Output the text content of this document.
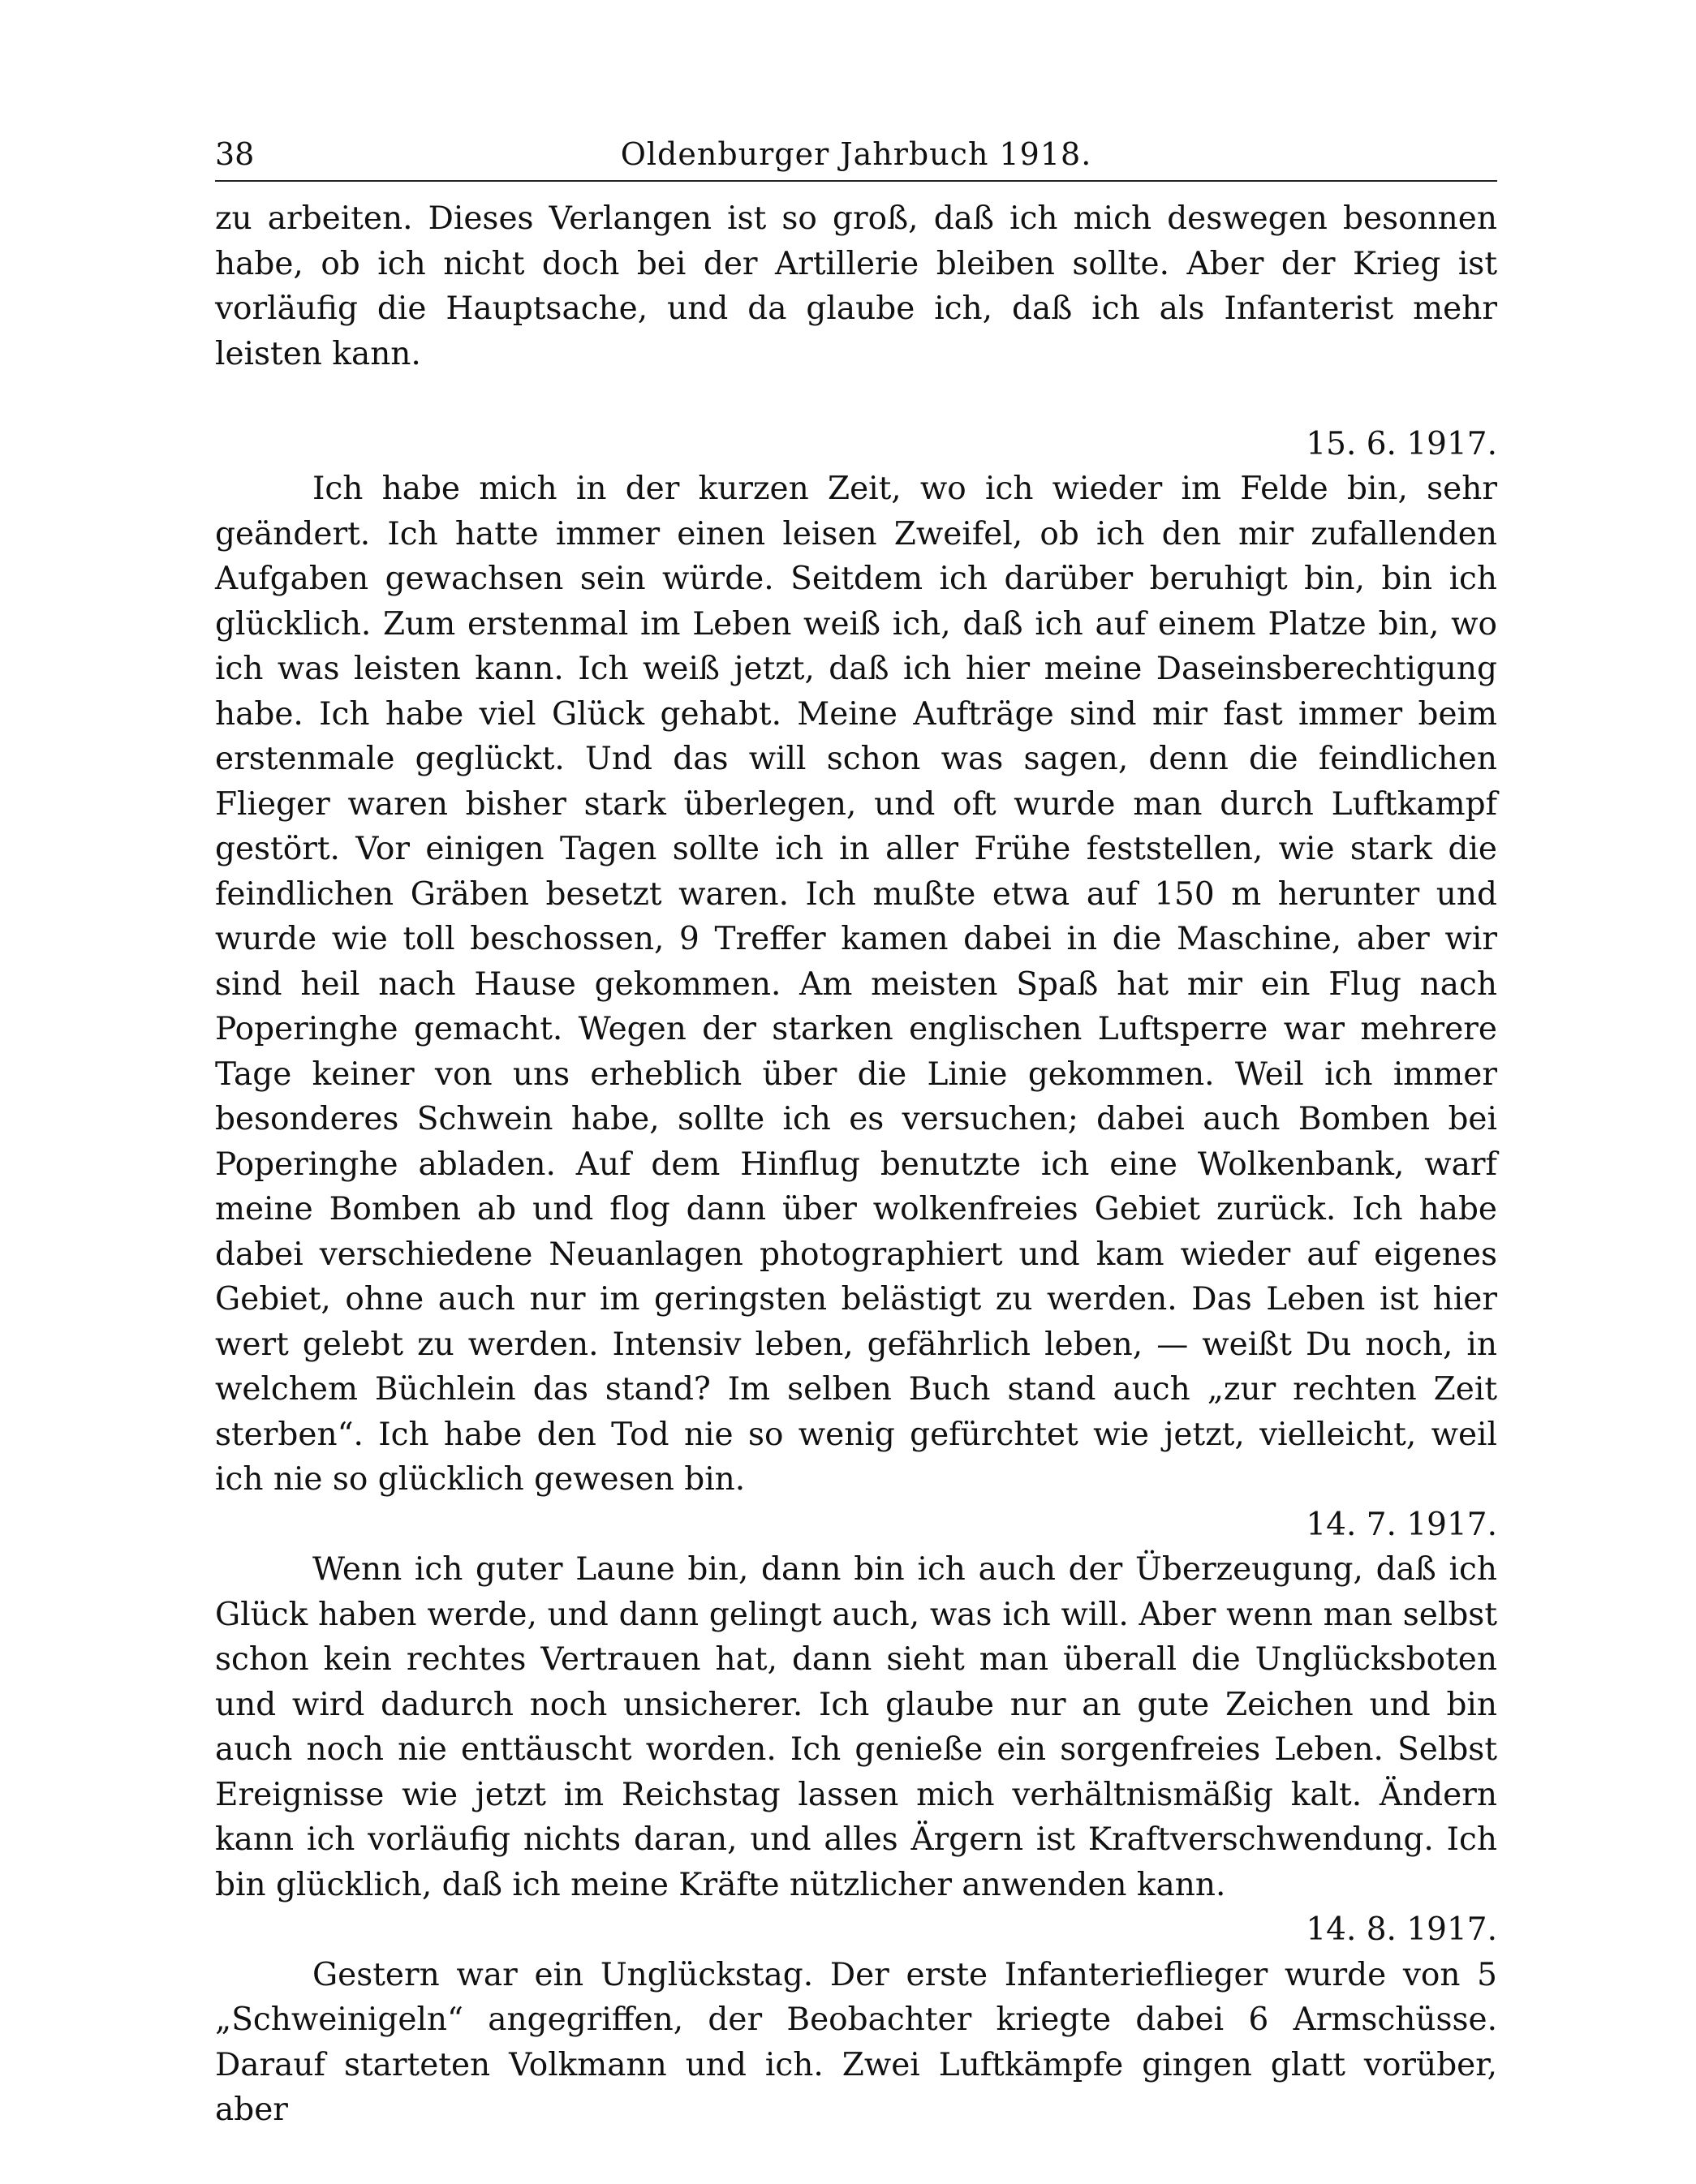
38	Oldenburger Jahrbuch 1918.

zu arbeiten. Dieses Verlangen ist so groß, daß ich mich deswegen besonnen habe, ob ich nicht doch bei der Artillerie bleiben sollte. Aber der Krieg ist vorläufig die Hauptsache, und da glaube ich, daß ich als Infanterist mehr leisten kann.

15. 6. 1917.

Ich habe mich in der kurzen Zeit, wo ich wieder im Felde bin, sehr geändert. Ich hatte immer einen leisen Zweifel, ob ich den mir zufallenden Aufgaben gewachsen sein würde. Seitdem ich darüber beruhigt bin, bin ich glücklich. Zum erstenmal im Leben weiß ich, daß ich auf einem Platze bin, wo ich was leisten kann. Ich weiß jetzt, daß ich hier meine Daseinsberechtigung habe. Ich habe viel Glück gehabt. Meine Aufträge sind mir fast immer beim erstenmale geglückt. Und das will schon was sagen, denn die feindlichen Flieger waren bisher stark überlegen, und oft wurde man durch Luftkampf gestört. Vor einigen Tagen sollte ich in aller Frühe feststellen, wie stark die feindlichen Gräben besetzt waren. Ich mußte etwa auf 150 m herunter und wurde wie toll beschossen, 9 Treffer kamen dabei in die Maschine, aber wir sind heil nach Hause gekommen. Am meisten Spaß hat mir ein Flug nach Poperinghe gemacht. Wegen der starken englischen Luftsperre war mehrere Tage keiner von uns erheblich über die Linie gekommen. Weil ich immer besonderes Schwein habe, sollte ich es versuchen; dabei auch Bomben bei Poperinghe abladen. Auf dem Hinflug benutzte ich eine Wolkenbank, warf meine Bomben ab und flog dann über wolkenfreies Gebiet zurück. Ich habe dabei verschiedene Neuanlagen photographiert und kam wieder auf eigenes Gebiet, ohne auch nur im geringsten belästigt zu werden. Das Leben ist hier wert gelebt zu werden. Intensiv leben, gefährlich leben, — weißt Du noch, in welchem Büchlein das stand? Im selben Buch stand auch „zur rechten Zeit sterben“. Ich habe den Tod nie so wenig gefürchtet wie jetzt, vielleicht, weil ich nie so glücklich gewesen bin.

14. 7. 1917.

Wenn ich guter Laune bin, dann bin ich auch der Überzeugung, daß ich Glück haben werde, und dann gelingt auch, was ich will. Aber wenn man selbst schon kein rechtes Vertrauen hat, dann sieht man überall die Unglücksboten und wird dadurch noch unsicherer. Ich glaube nur an gute Zeichen und bin auch noch nie enttäuscht worden. Ich genieße ein sorgenfreies Leben. Selbst Ereignisse wie jetzt im Reichstag lassen mich verhältnismäßig kalt. Ändern kann ich vorläufig nichts daran, und alles Ärgern ist Kraftverschwendung. Ich bin glücklich, daß ich meine Kräfte nützlicher anwenden kann.

14. 8. 1917.

Gestern war ein Unglückstag. Der erste Infanterieflieger wurde von 5 „Schweinigeln“ angegriffen, der Beobachter kriegte dabei 6 Armschüsse. Darauf starteten Volkmann und ich. Zwei Luftkämpfe gingen glatt vorüber, aber
